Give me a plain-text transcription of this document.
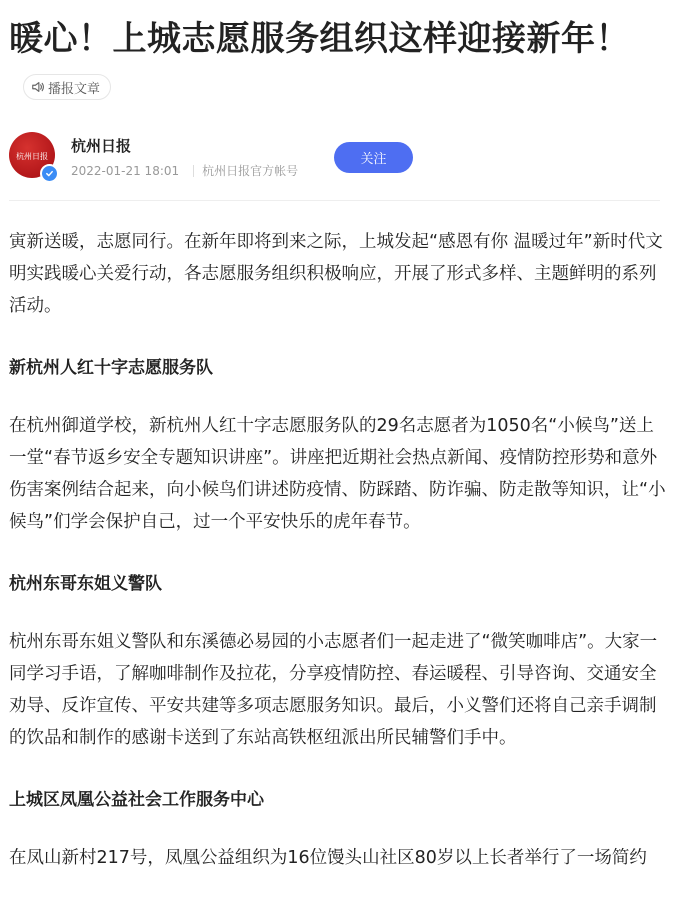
暖心！上城志愿服务组织这样迎接新年！
播报文章
杭州日报
杭州日报
2022-01-21 18:01 杭州日报官方帐号
关注

寅新送暖，志愿同行。在新年即将到来之际，上城发起“感恩有你 温暖过年”新时代文明实践暖心关爱行动，各志愿服务组织积极响应，开展了形式多样、主题鲜明的系列活动。

新杭州人红十字志愿服务队

在杭州御道学校，新杭州人红十字志愿服务队的29名志愿者为1050名“小候鸟”送上一堂“春节返乡安全专题知识讲座”。讲座把近期社会热点新闻、疫情防控形势和意外伤害案例结合起来，向小候鸟们讲述防疫情、防踩踏、防诈骗、防走散等知识，让“小候鸟”们学会保护自己，过一个平安快乐的虎年春节。

杭州东哥东姐义警队

杭州东哥东姐义警队和东溪德必易园的小志愿者们一起走进了“微笑咖啡店”。大家一同学习手语，了解咖啡制作及拉花，分享疫情防控、春运暖程、引导咨询、交通安全劝导、反诈宣传、平安共建等多项志愿服务知识。最后，小义警们还将自己亲手调制的饮品和制作的感谢卡送到了东站高铁枢纽派出所民辅警们手中。

上城区凤凰公益社会工作服务中心

在凤山新村217号，凤凰公益组织为16位馒头山社区80岁以上长者举行了一场简约
